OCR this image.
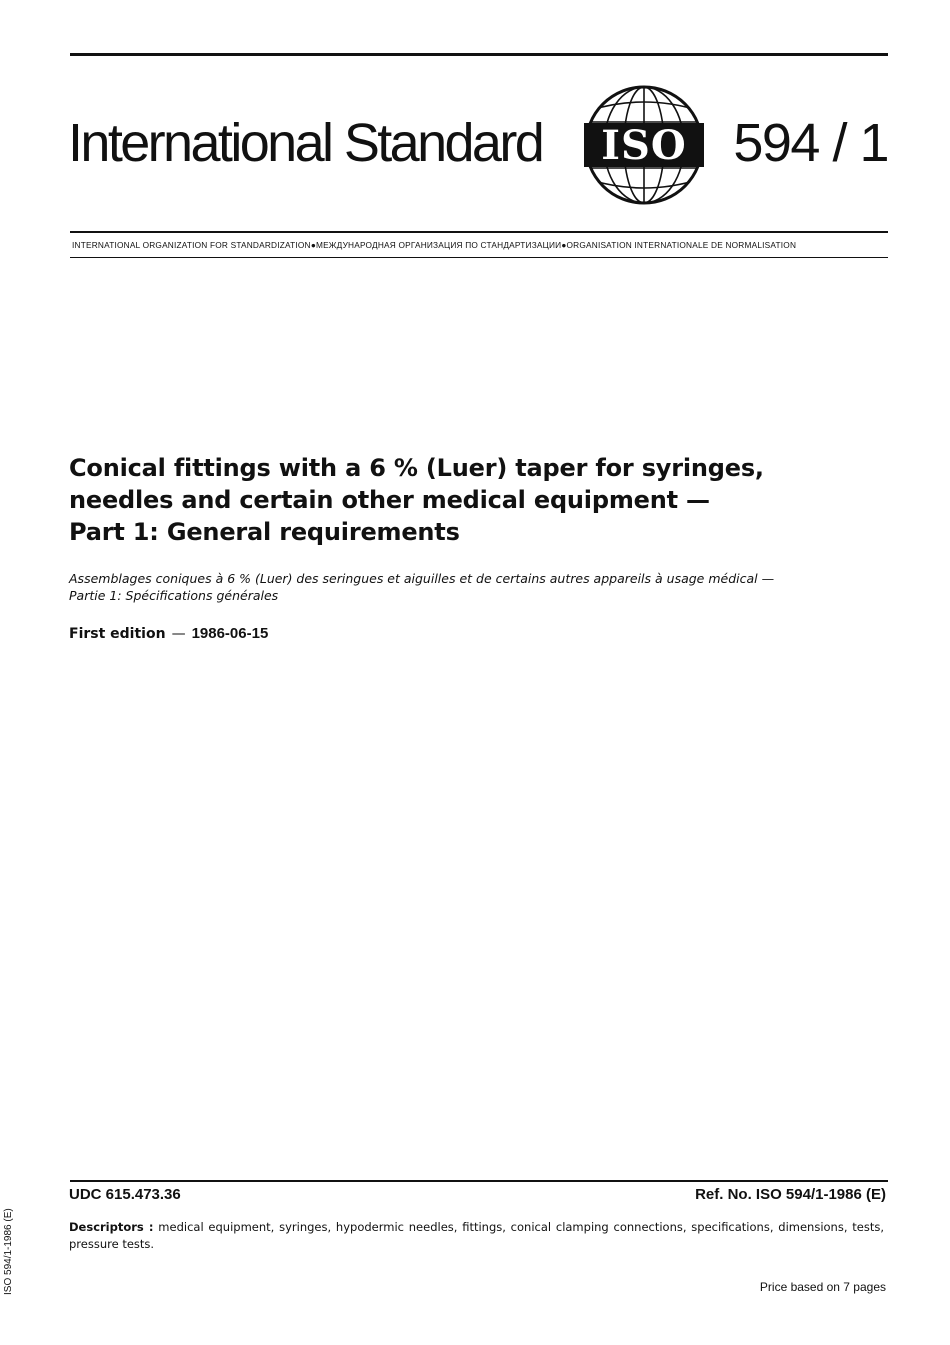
International Standard ISO 594 / 1
INTERNATIONAL ORGANIZATION FOR STANDARDIZATION●МЕЖДУНАРОДНАЯ ОРГАНИЗАЦИЯ ПО СТАНДАРТИЗАЦИИ●ORGANISATION INTERNATIONALE DE NORMALISATION
Conical fittings with a 6 % (Luer) taper for syringes,
needles and certain other medical equipment —
Part 1: General requirements
Assemblages coniques à 6 % (Luer) des seringues et aiguilles et de certains autres appareils à usage médical —
Partie 1: Spécifications générales
First edition — 1986-06-15
UDC 615.473.36	Ref. No. ISO 594/1-1986 (E)
Descriptors : medical equipment, syringes, hypodermic needles, fittings, conical clamping connections, specifications, dimensions, tests, pressure tests.
Price based on 7 pages
ISO 594/1-1986 (E)
